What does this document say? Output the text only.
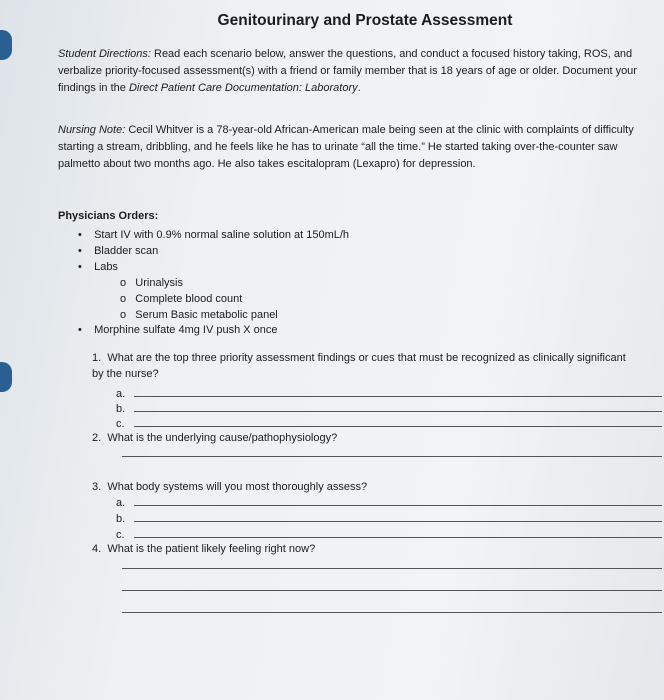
Genitourinary and Prostate Assessment
Student Directions: Read each scenario below, answer the questions, and conduct a focused history taking, ROS, and verbalize priority-focused assessment(s) with a friend or family member that is 18 years of age or older. Document your findings in the Direct Patient Care Documentation: Laboratory.
Nursing Note: Cecil Whitver is a 78-year-old African-American male being seen at the clinic with complaints of difficulty starting a stream, dribbling, and he feels like he has to urinate “all the time.” He started taking over-the-counter saw palmetto about two months ago. He also takes escitalopram (Lexapro) for depression.
Physicians Orders:
•    Start IV with 0.9% normal saline solution at 150mL/h
•    Bladder scan
•    Labs
o   Urinalysis
o   Complete blood count
o   Serum Basic metabolic panel
•    Morphine sulfate 4mg IV push X once
1. What are the top three priority assessment findings or cues that must be recognized as clinically significant by the nurse?
a.
b.
c.
2. What is the underlying cause/pathophysiology?
3. What body systems will you most thoroughly assess?
a.
b.
c.
4. What is the patient likely feeling right now?
